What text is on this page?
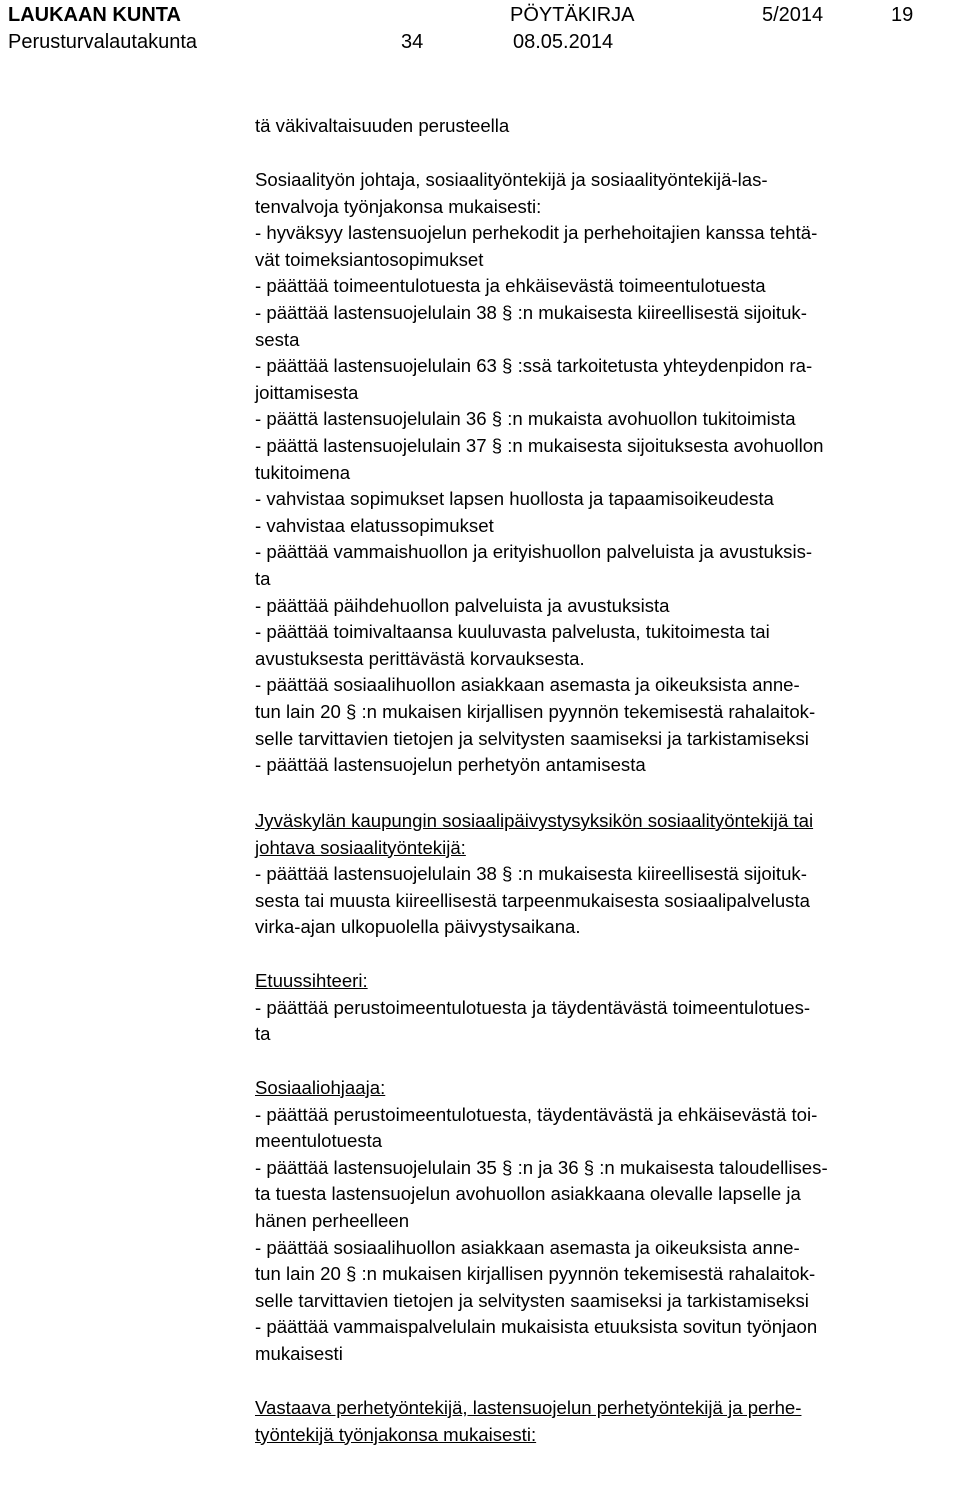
LAUKAAN KUNTA	PÖYTÄKIRJA	5/2014	19
Perusturvalautakunta	34	08.05.2014
tä väkivaltaisuuden perusteella
Sosiaalityön johtaja, sosiaalityöntekijä ja sosiaalityöntekijä-las-
tenvalvoja työnjakonsa mukaisesti:
- hyväksyy lastensuojelun perhekodit ja perhehoitajien kanssa tehtä-
vät toimeksiantosopimukset
- päättää toimeentulotuesta ja ehkäisevästä toimeentulotuesta
- päättää lastensuojelulain 38 § :n mukaisesta kiireellisestä sijoituk-
sesta
- päättää lastensuojelulain 63 § :ssä tarkoitetusta yhteydenpidon ra-
joittamisesta
- päättä lastensuojelulain 36 § :n mukaista avohuollon tukitoimista
- päättä lastensuojelulain 37 § :n mukaisesta sijoituksesta avohuollon
tukitoimena
- vahvistaa sopimukset lapsen huollosta ja tapaamisoikeudesta
- vahvistaa elatussopimukset
- päättää vammaishuollon ja erityishuollon palveluista ja avustuksis-
ta
- päättää päihdehuollon palveluista ja avustuksista
- päättää toimivaltaansa kuuluvasta palvelusta, tukitoimesta tai
avustuksesta perittävästä korvauksesta.
- päättää sosiaalihuollon asiakkaan asemasta ja oikeuksista anne-
tun lain 20 § :n mukaisen kirjallisen pyynnön tekemisestä rahalaitok-
selle tarvittavien tietojen ja selvitysten saamiseksi ja tarkistamiseksi
- päättää lastensuojelun perhetyön antamisesta
Jyväskylän kaupungin sosiaalipäivystysyksikön sosiaalityöntekijä tai
johtava sosiaalityöntekijä:
- päättää lastensuojelulain 38 § :n mukaisesta kiireellisestä sijoituk-
sesta tai muusta kiireellisestä tarpeenmukaisesta sosiaalipalvelusta
virka-ajan ulkopuolella päivystysaikana.
Etuussihteeri:
- päättää perustoimeentulotuesta ja täydentävästä toimeentulotues-
ta
Sosiaaliohjaaja:
- päättää perustoimeentulotuesta, täydentävästä ja ehkäisevästä toi-
meentulotuesta
- päättää lastensuojelulain 35 § :n ja 36 § :n mukaisesta taloudellises-
ta tuesta lastensuojelun avohuollon asiakkaana olevalle lapselle ja
hänen perheelleen
- päättää sosiaalihuollon asiakkaan asemasta ja oikeuksista anne-
tun lain 20 § :n mukaisen kirjallisen pyynnön tekemisestä rahalaitok-
selle tarvittavien tietojen ja selvitysten saamiseksi ja tarkistamiseksi
- päättää vammaispalvelulain mukaisista etuuksista sovitun työnjaon
mukaisesti
Vastaava perhetyöntekijä, lastensuojelun perhetyöntekijä ja perhe-
työntekijä työnjakonsa mukaisesti:
